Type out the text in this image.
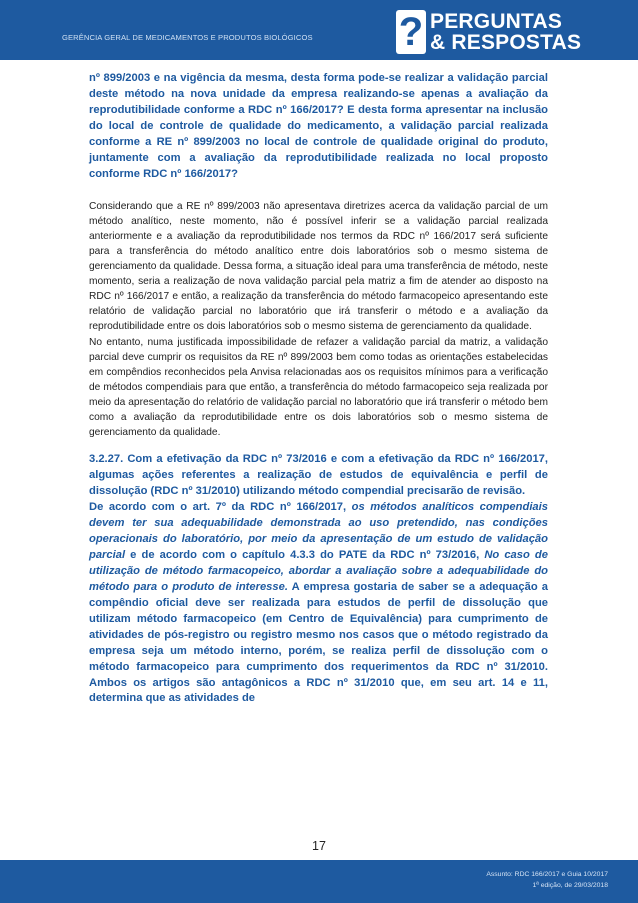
GERÊNCIA GERAL DE MEDICAMENTOS E PRODUTOS BIOLÓGICOS ? PERGUNTAS
& RESPOSTAS

nº 899/2003 e na vigência da mesma, desta forma pode-se realizar a validação parcial deste método na nova unidade da empresa realizando-se apenas a avaliação da reprodutibilidade conforme a RDC nº 166/2017? E desta forma apresentar na inclusão do local de controle de qualidade do medicamento, a validação parcial realizada conforme a RE nº 899/2003 no local de controle de qualidade original do produto, juntamente com a avaliação da reprodutibilidade realizada no local proposto conforme RDC nº 166/2017?

Considerando que a RE nº 899/2003 não apresentava diretrizes acerca da validação parcial de um método analítico, neste momento, não é possível inferir se a validação parcial realizada anteriormente e a avaliação da reprodutibilidade nos termos da RDC nº 166/2017 será suficiente para a transferência do método analítico entre dois laboratórios sob o mesmo sistema de gerenciamento da qualidade. Dessa forma, a situação ideal para uma transferência de método, neste momento, seria a realização de nova validação parcial pela matriz a fim de atender ao disposto na RDC nº 166/2017 e então, a realização da transferência do método farmacopeico apresentando este relatório de validação parcial no laboratório que irá transferir o método e a avaliação da reprodutibilidade entre os dois laboratórios sob o mesmo sistema de gerenciamento da qualidade.

No entanto, numa justificada impossibilidade de refazer a validação parcial da matriz, a validação parcial deve cumprir os requisitos da RE nº 899/2003 bem como todas as orientações estabelecidas em compêndios reconhecidos pela Anvisa relacionadas aos os requisitos mínimos para a verificação de métodos compendiais para que então, a transferência do método farmacopeico seja realizada por meio da apresentação do relatório de validação parcial no laboratório que irá transferir o método bem como a avaliação da reprodutibilidade entre os dois laboratórios sob o mesmo sistema de gerenciamento da qualidade.

3.2.27. Com a efetivação da RDC nº 73/2016 e com a efetivação da RDC nº 166/2017, algumas ações referentes a realização de estudos de equivalência e perfil de dissolução (RDC nº 31/2010) utilizando método compendial precisarão de revisão.

De acordo com o art. 7º da RDC nº 166/2017, os métodos analíticos compendiais devem ter sua adequabilidade demonstrada ao uso pretendido, nas condições operacionais do laboratório, por meio da apresentação de um estudo de validação parcial e de acordo com o capítulo 4.3.3 do PATE da RDC nº 73/2016, No caso de utilização de método farmacopeico, abordar a avaliação sobre a adequabilidade do método para o produto de interesse. A empresa gostaria de saber se a adequação a compêndio oficial deve ser realizada para estudos de perfil de dissolução que utilizam método farmacopeico (em Centro de Equivalência) para cumprimento de atividades de pós-registro ou registro mesmo nos casos que o método registrado da empresa seja um método interno, porém, se realiza perfil de dissolução com o método farmacopeico para cumprimento dos requerimentos da RDC nº 31/2010. Ambos os artigos são antagônicos a RDC nº 31/2010 que, em seu art. 14 e 11, determina que as atividades de

17
Assunto: RDC 166/2017 e Guia 10/2017
1ª edição, de 29/03/2018
